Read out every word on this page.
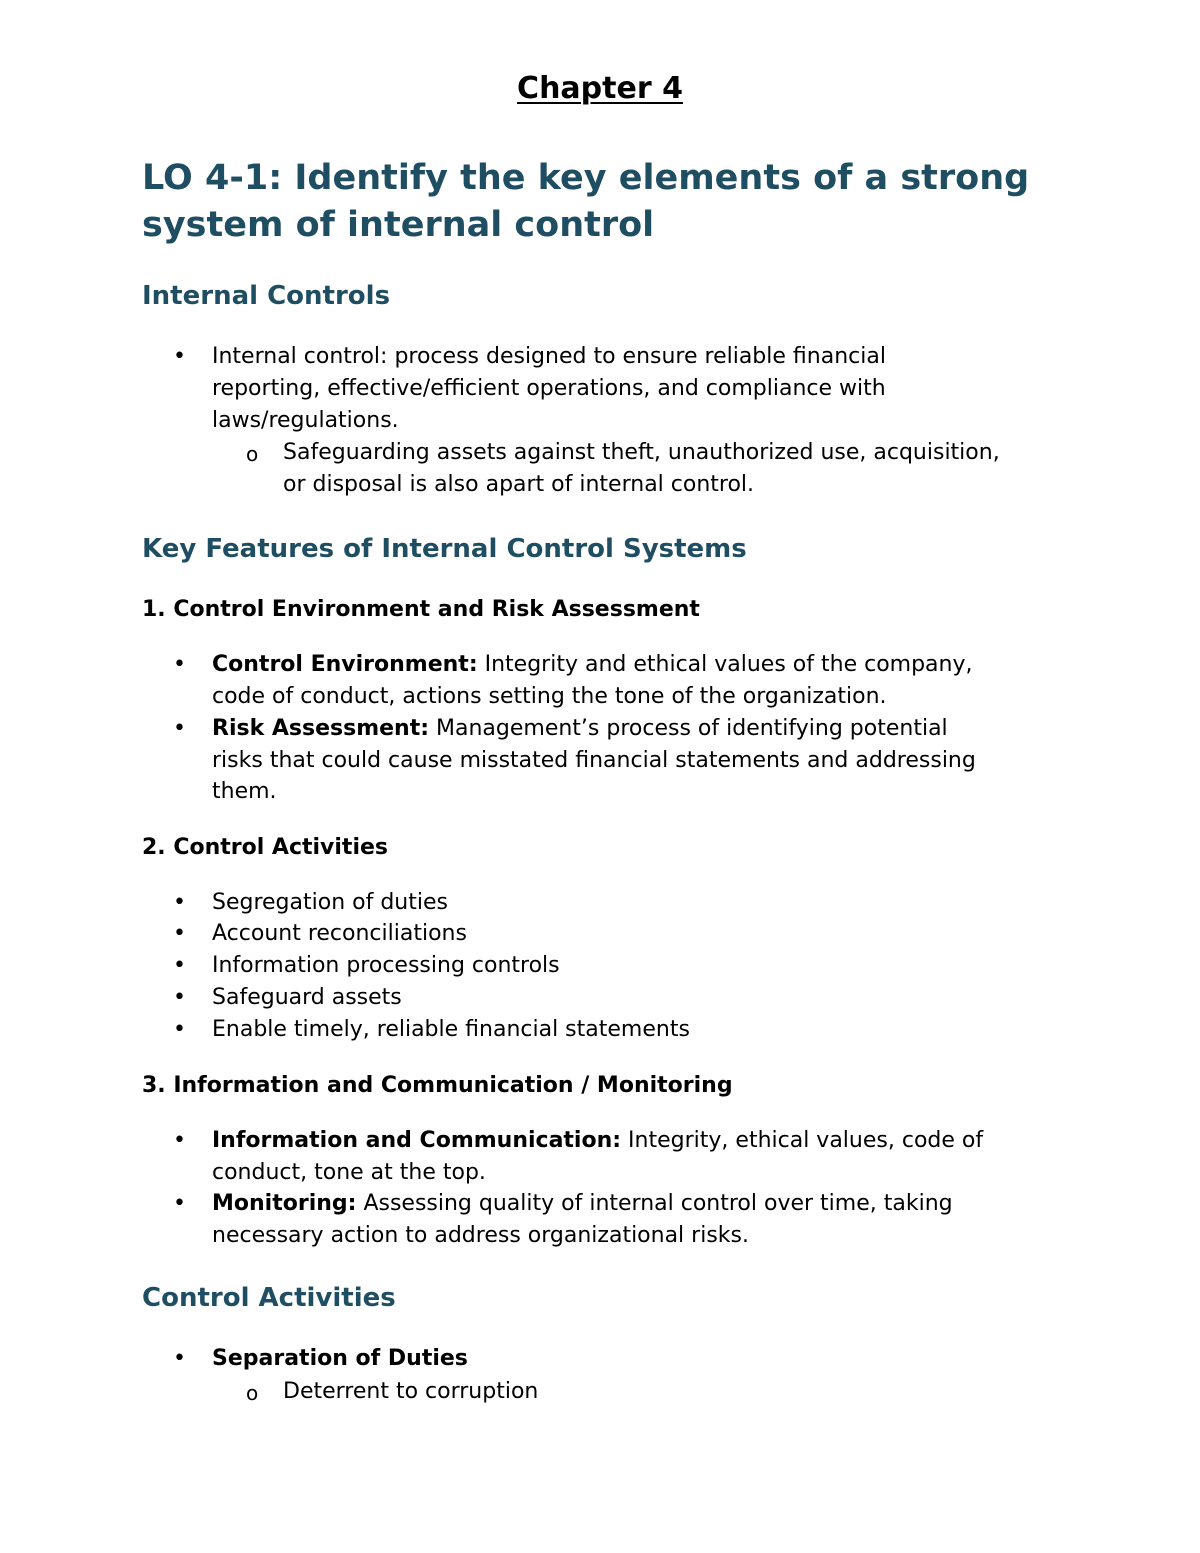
Chapter 4
LO 4-1: Identify the key elements of a strong system of internal control
Internal Controls
• Internal control: process designed to ensure reliable financial

reporting, effective/efficient operations, and compliance with

laws/regulations.

o Safeguarding assets against theft, unauthorized use, acquisition,

or disposal is also apart of internal control.

Key Features of Internal Control Systems
1. Control Environment and Risk Assessment
• Control Environment: Integrity and ethical values of the company,

code of conduct, actions setting the tone of the organization.

• Risk Assessment: Management’s process of identifying potential

risks that could cause misstated financial statements and addressing

them.

2. Control Activities
• Segregation of duties

• Account reconciliations

• Information processing controls

• Safeguard assets

• Enable timely, reliable financial statements

3. Information and Communication / Monitoring
• Information and Communication: Integrity, ethical values, code of

conduct, tone at the top.

• Monitoring: Assessing quality of internal control over time, taking

necessary action to address organizational risks.

Control Activities
• Separation of Duties

o Deterrent to corruption
